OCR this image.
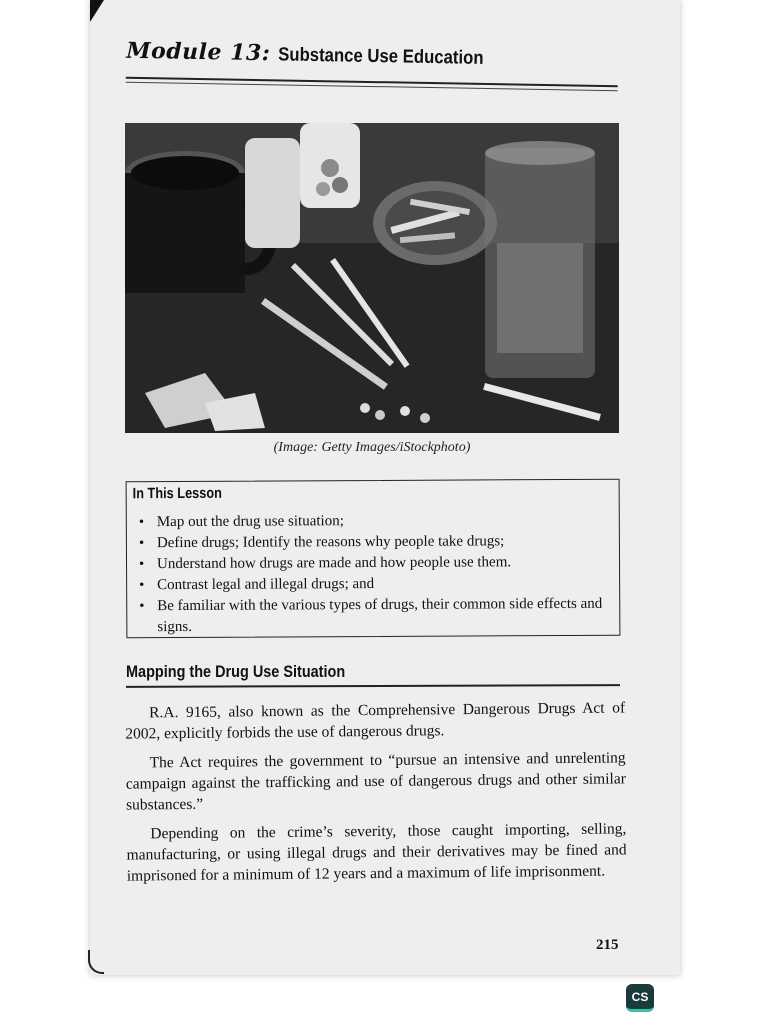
Module 13: Substance Use Education
(Image: Getty Images/iStockphoto)
In This Lesson
• Map out the drug use situation;
• Define drugs; Identify the reasons why people take drugs;
• Understand how drugs are made and how people use them.
• Contrast legal and illegal drugs; and
• Be familiar with the various types of drugs, their common side effects and signs.
Mapping the Drug Use Situation

R.A. 9165, also known as the Comprehensive Dangerous Drugs Act of 2002, explicitly forbids the use of dangerous drugs.

The Act requires the government to “pursue an intensive and unrelenting campaign against the trafficking and use of dangerous drugs and other similar substances.”

Depending on the crime’s severity, those caught importing, selling, manufacturing, or using illegal drugs and their derivatives may be fined and imprisoned for a minimum of 12 years and a maximum of life imprisonment.

215
CS
